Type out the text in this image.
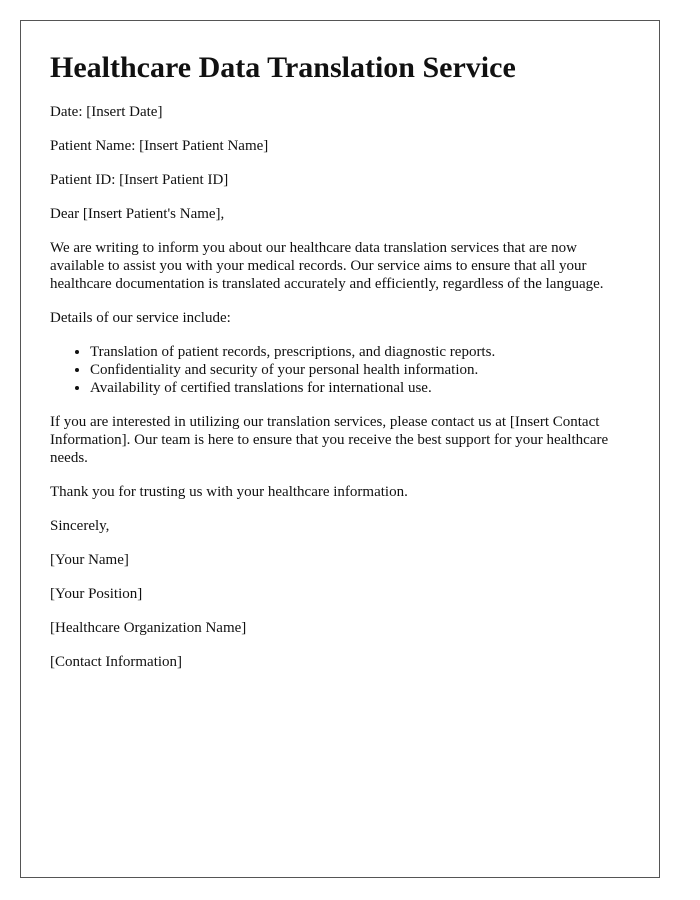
Healthcare Data Translation Service

Date: [Insert Date]

Patient Name: [Insert Patient Name]

Patient ID: [Insert Patient ID]

Dear [Insert Patient's Name],

We are writing to inform you about our healthcare data translation services that are now available to assist you with your medical records. Our service aims to ensure that all your healthcare documentation is translated accurately and efficiently, regardless of the language.

Details of our service include:

• Translation of patient records, prescriptions, and diagnostic reports.
• Confidentiality and security of your personal health information.
• Availability of certified translations for international use.

If you are interested in utilizing our translation services, please contact us at [Insert Contact Information]. Our team is here to ensure that you receive the best support for your healthcare needs.

Thank you for trusting us with your healthcare information.

Sincerely,

[Your Name]

[Your Position]

[Healthcare Organization Name]

[Contact Information]
